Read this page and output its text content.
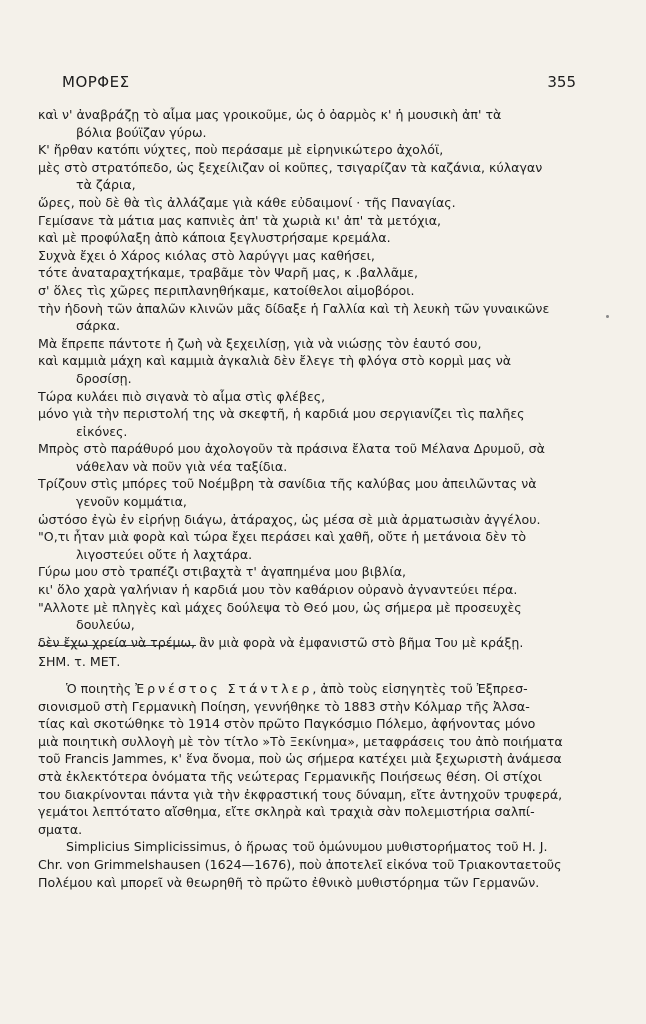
ΜΟΡΦΕΣ	355
καὶ ν' ἀναβράζῃ τὸ αἷμα μας γροικοῦμε, ὡς ὁ ὀαρμὸς κ' ἡ μουσικὴ ἀπ' τὰ
βόλια βούϊζαν γύρω.
Κ' ἤρθαν κατόπι νύχτες, ποὺ περάσαμε μὲ εἰρηνικώτερο ἀχολόϊ,
μὲς στὸ στρατόπεδο, ὡς ξεχείλιζαν οἱ κοῦπες, τσιγαρίζαν τὰ καζάνια, κύλαγαν
τὰ ζάρια,
ὥρες, ποὺ δὲ θὰ τὶς ἀλλάζαμε γιὰ κάθε εὐδαιμονί · τῆς Παναγίας.
Γεμίσανε τὰ μάτια μας καπνιὲς ἀπ' τὰ χωριὰ κι' ἀπ' τὰ μετόχια,
καὶ μὲ προφύλαξη ἀπὸ κάποια ξεγλυστρήσαμε κρεμάλα.
Συχνὰ ἔχει ὁ Χάρος κιόλας στὸ λαρύγγι μας καθήσει,
τότε ἀναταραχτήκαμε, τραβᾶμε τὸν Ψαρῆ μας, κ .βαλλᾶμε,
σ' ὅλες τὶς χῶρες περιπλανηθήκαμε, κατοίθελοι αἱμοβόροι.
τὴν ἡδονὴ τῶν ἀπαλῶν κλινῶν μᾶς δίδαξε ἡ Γαλλία καὶ τὴ λευκὴ τῶν γυναικῶνε
σάρκα.
Μὰ ἔπρεπε πάντοτε ἡ ζωὴ νὰ ξεχειλίσῃ, γιὰ νὰ νιώσῃς τὸν ἑαυτό σου,
καὶ καμμιὰ μάχη καὶ καμμιὰ ἀγκαλιὰ δὲν ἔλεγε τὴ φλόγα στὸ κορμὶ μας νὰ
δροσίσῃ.
Τώρα κυλάει πιὸ σιγανὰ τὸ αἷμα στὶς φλέβες,
μόνο γιὰ τὴν περιστολή της νὰ σκεφτῆ, ἡ καρδιά μου σεργιανίζει τὶς παλῆες
εἰκόνες.
Μπρὸς στὸ παράθυρό μου ἀχολογοῦν τὰ πράσινα ἔλατα τοῦ Μέλανα Δρυμοῦ, σὰ
νάθελαν νὰ ποῦν γιὰ νέα ταξίδια.
Τρίζουν στὶς μπόρες τοῦ Νοέμβρη τὰ σανίδια τῆς καλύβας μου ἀπειλῶντας νὰ
γενοῦν κομμάτια,
ὡστόσο ἐγὼ ἐν εἰρήνῃ διάγω, ἀτάραχος, ὡς μέσα σὲ μιὰ ἀρματωσιὰν ἀγγέλου.
"Ο,τι ἦταν μιὰ φορὰ καὶ τώρα ἔχει περάσει καὶ χαθῆ, οὔτε ἡ μετάνοια δὲν τὸ
λιγοστεύει οὔτε ἡ λαχτάρα.
Γύρω μου στὸ τραπέζι στιβαχτὰ τ' ἀγαπημένα μου βιβλία,
κι' ὅλο χαρὰ γαλήνιαν ἡ καρδιά μου τὸν καθάριον οὐρανὸ ἀγναντεύει πέρα.
"Αλλοτε μὲ πληγὲς καὶ μάχες δούλεψα τὸ Θεό μου, ὡς σήμερα μὲ προσευχὲς
δουλεύω,
δὲν ἔχω χρεία νὰ τρέμω, ἂν μιὰ φορὰ νὰ ἐμφανιστῶ στὸ βῆμα Του μὲ κράξῃ.
ΣΗΜ. τ. ΜΕΤ.
Ὁ ποιητὴς Ἐρνέστος Στάντλερ, ἀπὸ τοὺς εἰσηγητὲς τοῦ Ἐξπρεσ-
σιονισμοῦ στὴ Γερμανικὴ Ποίηση, γεννήθηκε τὸ 1883 στὴν Κόλμαρ τῆς Ἀλσα-
τίας καὶ σκοτώθηκε τὸ 1914 στὸν πρῶτο Παγκόσμιο Πόλεμο, ἀφήνοντας μόνο
μιὰ ποιητικὴ συλλογὴ μὲ τὸν τίτλο »Τὸ Ξεκίνημα», μεταφράσεις του ἀπὸ ποιήματα
τοῦ Francis Jammes, κ' ἕνα ὄνομα, ποὺ ὡς σήμερα κατέχει μιὰ ξεχωριστὴ ἀνάμεσα
στὰ ἐκλεκτότερα ὀνόματα τῆς νεώτερας Γερμανικῆς Ποιήσεως θέση. Οἱ στίχοι
του διακρίνονται πάντα γιὰ τὴν ἐκφραστική τους δύναμη, εἴτε ἀντηχοῦν τρυφερά,
γεμάτοι λεπτότατο αἴσθημα, εἴτε σκληρὰ καὶ τραχιὰ σὰν πολεμιστήρια σαλπί-
σματα.
Simplicius Simplicissimus, ὁ ἥρωας τοῦ ὁμώνυμου μυθιστορήματος τοῦ H. J.
Chr. von Grimmelshausen (1624—1676), ποὺ ἀποτελεῖ εἰκόνα τοῦ Τριακονταετοῦς
Πολέμου καὶ μπορεῖ νὰ θεωρηθῆ τὸ πρῶτο ἐθνικὸ μυθιστόρημα τῶν Γερμανῶν.
